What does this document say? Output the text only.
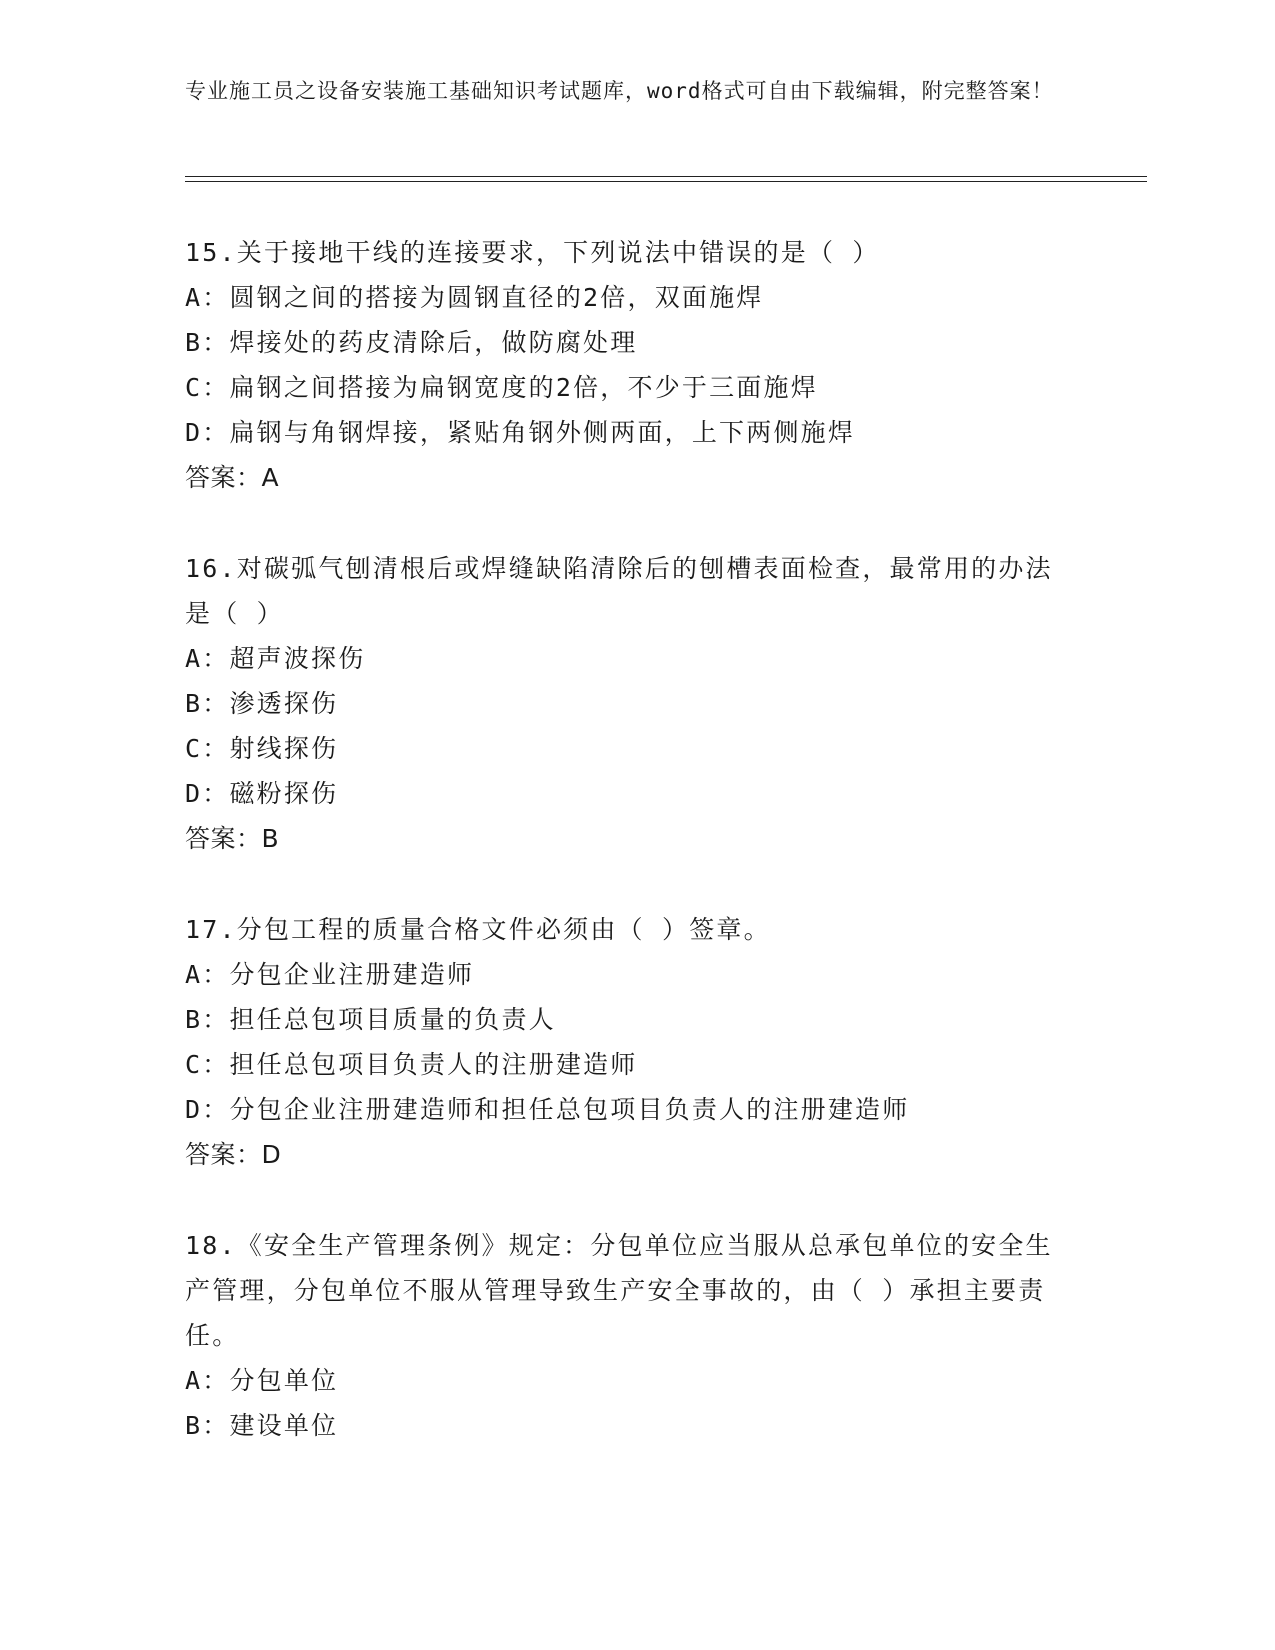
专业施工员之设备安装施工基础知识考试题库，word格式可自由下载编辑，附完整答案！
15.关于接地干线的连接要求，下列说法中错误的是（ ）
A：圆钢之间的搭接为圆钢直径的2倍，双面施焊
B：焊接处的药皮清除后，做防腐处理
C：扁钢之间搭接为扁钢宽度的2倍，不少于三面施焊
D：扁钢与角钢焊接，紧贴角钢外侧两面，上下两侧施焊
答案：A
16.对碳弧气刨清根后或焊缝缺陷清除后的刨槽表面检查，最常用的办法是（ ）
A：超声波探伤
B：渗透探伤
C：射线探伤
D：磁粉探伤
答案：B
17.分包工程的质量合格文件必须由（ ）签章。
A：分包企业注册建造师
B：担任总包项目质量的负责人
C：担任总包项目负责人的注册建造师
D：分包企业注册建造师和担任总包项目负责人的注册建造师
答案：D
18.《安全生产管理条例》规定：分包单位应当服从总承包单位的安全生产管理，分包单位不服从管理导致生产安全事故的，由（ ）承担主要责任。
A：分包单位
B：建设单位
